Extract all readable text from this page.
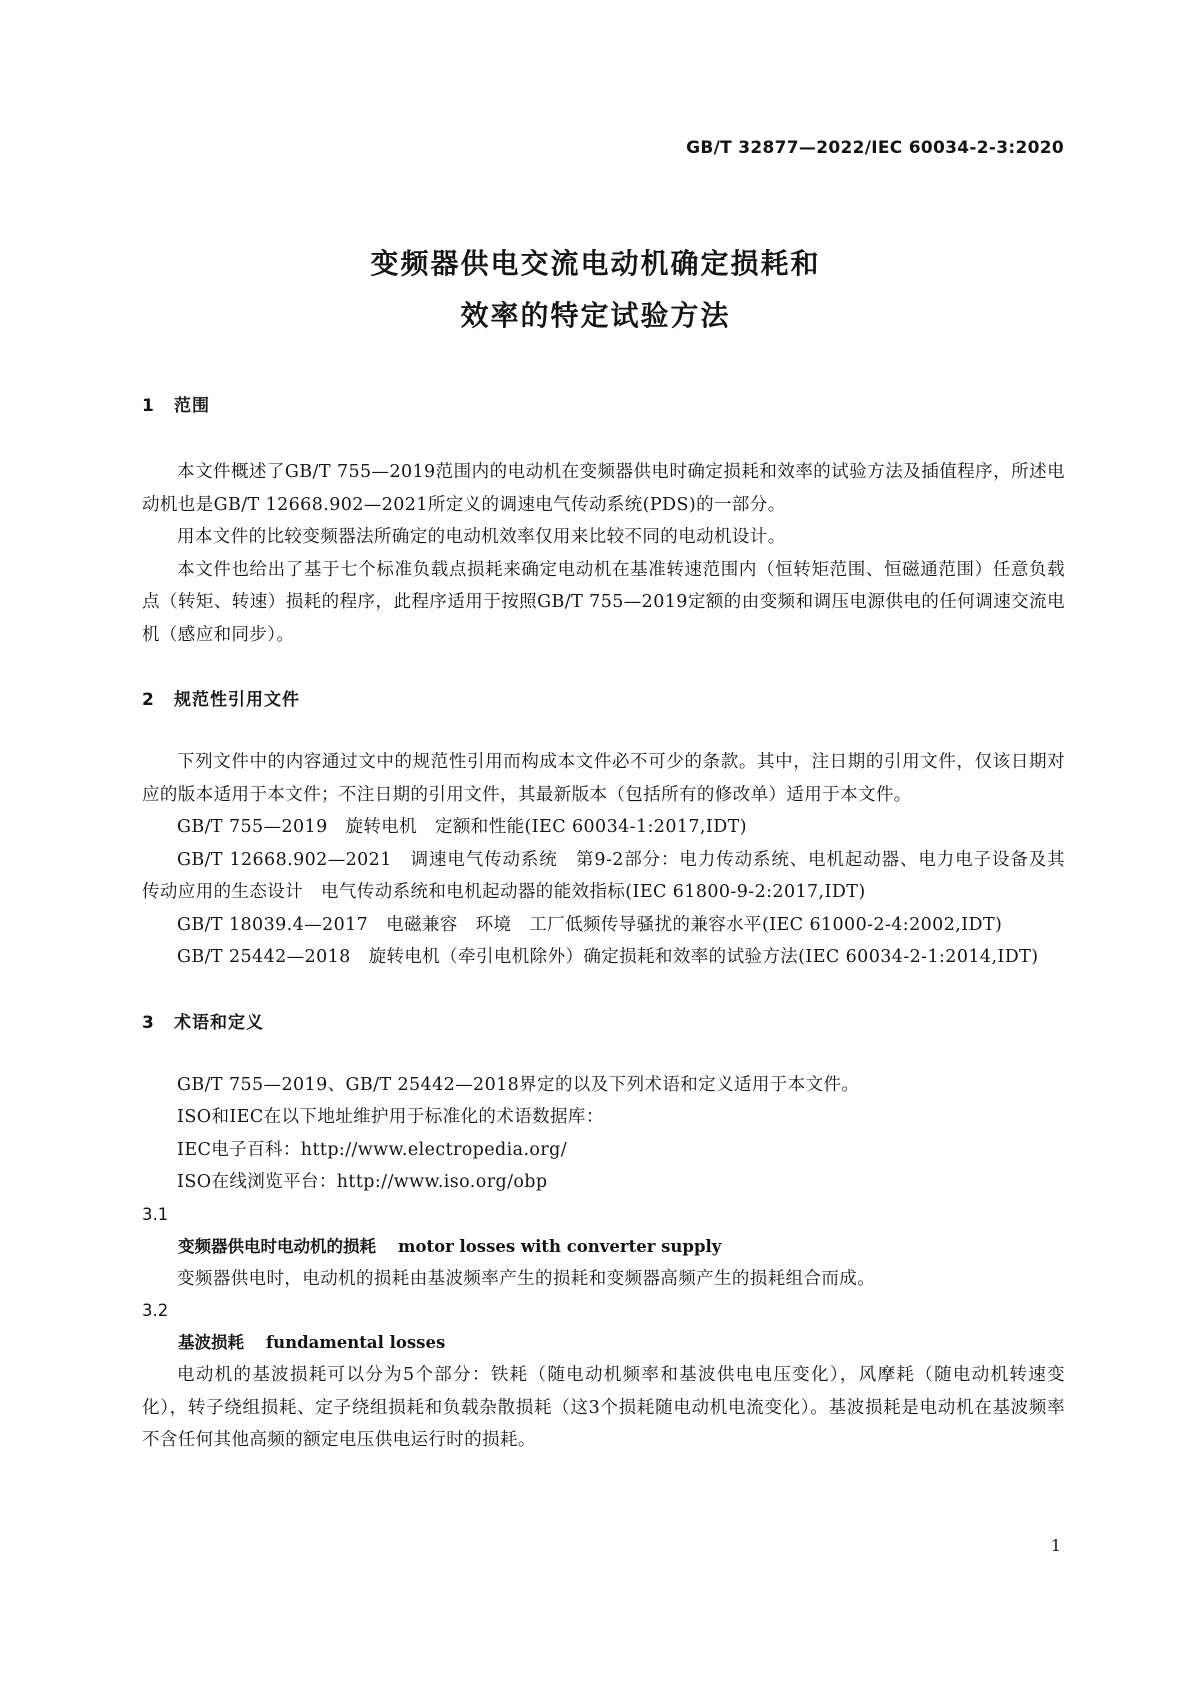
GB/T 32877—2022/IEC 60034-2-3:2020
变频器供电交流电动机确定损耗和
效率的特定试验方法
1 范围

本文件概述了GB/T 755—2019范围内的电动机在变频器供电时确定损耗和效率的试验方法及插值程序，所述电动机也是GB/T 12668.902—2021所定义的调速电气传动系统(PDS)的一部分。

用本文件的比较变频器法所确定的电动机效率仅用来比较不同的电动机设计。

本文件也给出了基于七个标准负载点损耗来确定电动机在基准转速范围内（恒转矩范围、恒磁通范围）任意负载点（转矩、转速）损耗的程序，此程序适用于按照GB/T 755—2019定额的由变频和调压电源供电的任何调速交流电机（感应和同步）。

2 规范性引用文件

下列文件中的内容通过文中的规范性引用而构成本文件必不可少的条款。其中，注日期的引用文件，仅该日期对应的版本适用于本文件；不注日期的引用文件，其最新版本（包括所有的修改单）适用于本文件。

GB/T 755—2019　旋转电机　定额和性能(IEC 60034-1:2017,IDT)

GB/T 12668.902—2021　调速电气传动系统　第9-2部分：电力传动系统、电机起动器、电力电子设备及其传动应用的生态设计　电气传动系统和电机起动器的能效指标(IEC 61800-9-2:2017,IDT)

GB/T 18039.4—2017　电磁兼容　环境　工厂低频传导骚扰的兼容水平(IEC 61000-2-4:2002,IDT)

GB/T 25442—2018　旋转电机（牵引电机除外）确定损耗和效率的试验方法(IEC 60034-2-1:2014,IDT)

3 术语和定义

GB/T 755—2019、GB/T 25442—2018界定的以及下列术语和定义适用于本文件。

ISO和IEC在以下地址维护用于标准化的术语数据库：

IEC电子百科：http://www.electropedia.org/

ISO在线浏览平台：http://www.iso.org/obp

3.1
变频器供电时电动机的损耗 motor losses with converter supply

变频器供电时，电动机的损耗由基波频率产生的损耗和变频器高频产生的损耗组合而成。

3.2
基波损耗 fundamental losses

电动机的基波损耗可以分为5个部分：铁耗（随电动机频率和基波供电电压变化），风摩耗（随电动机转速变化），转子绕组损耗、定子绕组损耗和负载杂散损耗（这3个损耗随电动机电流变化）。基波损耗是电动机在基波频率不含任何其他高频的额定电压供电运行时的损耗。

1
